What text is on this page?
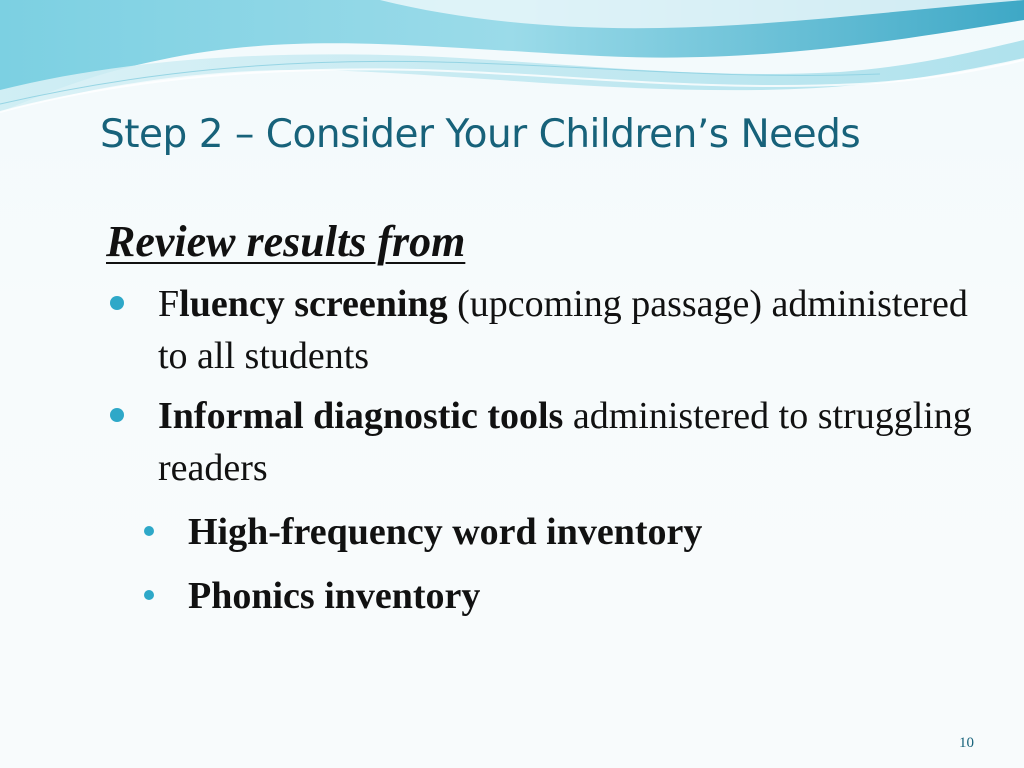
Step 2 – Consider Your Children’s Needs
Review results from
Fluency screening (upcoming passage) administered to all students
Informal diagnostic tools administered to struggling readers
High-frequency word inventory
Phonics inventory
10
